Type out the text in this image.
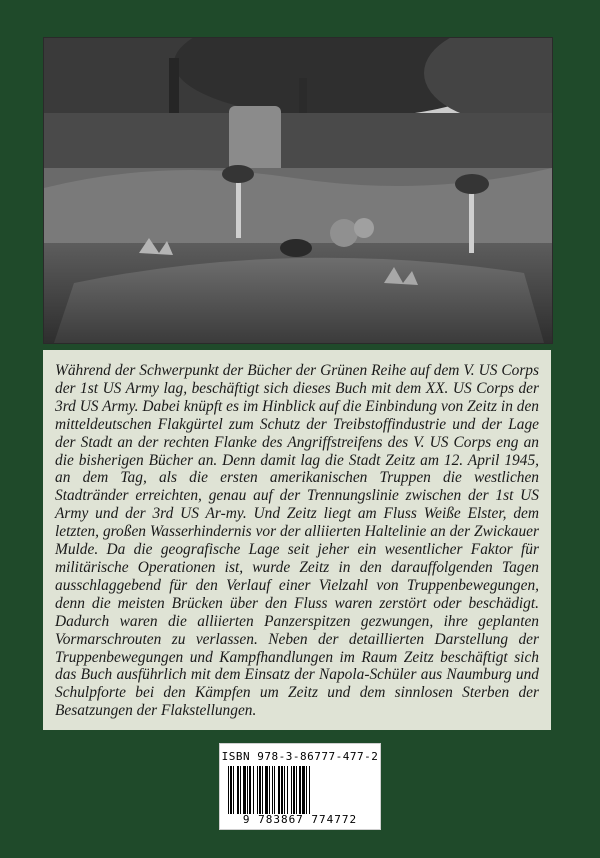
Während der Schwerpunkt der Bücher der Grünen Reihe auf dem V. US Corps der 1st US Army lag, beschäftigt sich dieses Buch mit dem XX. US Corps der 3rd US Army. Dabei knüpft es im Hinblick auf die Einbindung von Zeitz in den mitteldeutschen Flakgürtel zum Schutz der Treibstoffindustrie und der Lage der Stadt an der rechten Flanke des Angriffstreifens des V. US Corps eng an die bisherigen Bücher an. Denn damit lag die Stadt Zeitz am 12. April 1945, an dem Tag, als die ersten amerikanischen Truppen die westlichen Stadtränder erreichten, genau auf der Trennungslinie zwischen der 1st US Army und der 3rd US Ar-my. Und Zeitz liegt am Fluss Weiße Elster, dem letzten, großen Wasserhindernis vor der alliierten Haltelinie an der Zwickauer Mulde. Da die geografische Lage seit jeher ein wesentlicher Faktor für militärische Operationen ist, wurde Zeitz in den darauffolgenden Tagen ausschlaggebend für den Verlauf einer Vielzahl von Truppenbewegungen, denn die meisten Brücken über den Fluss waren zerstört oder beschädigt. Dadurch waren die alliierten Panzerspitzen gezwungen, ihre geplanten Vormarschrouten zu verlassen. Neben der detaillierten Darstellung der Truppenbewegungen und Kampfhandlungen im Raum Zeitz beschäftigt sich das Buch ausführlich mit dem Einsatz der Napola-Schüler aus Naumburg und Schulpforte bei den Kämpfen um Zeitz und dem sinnlosen Sterben der Besatzungen der Flakstellungen.

ISBN 978-3-86777-477-2
9 783867 774772
